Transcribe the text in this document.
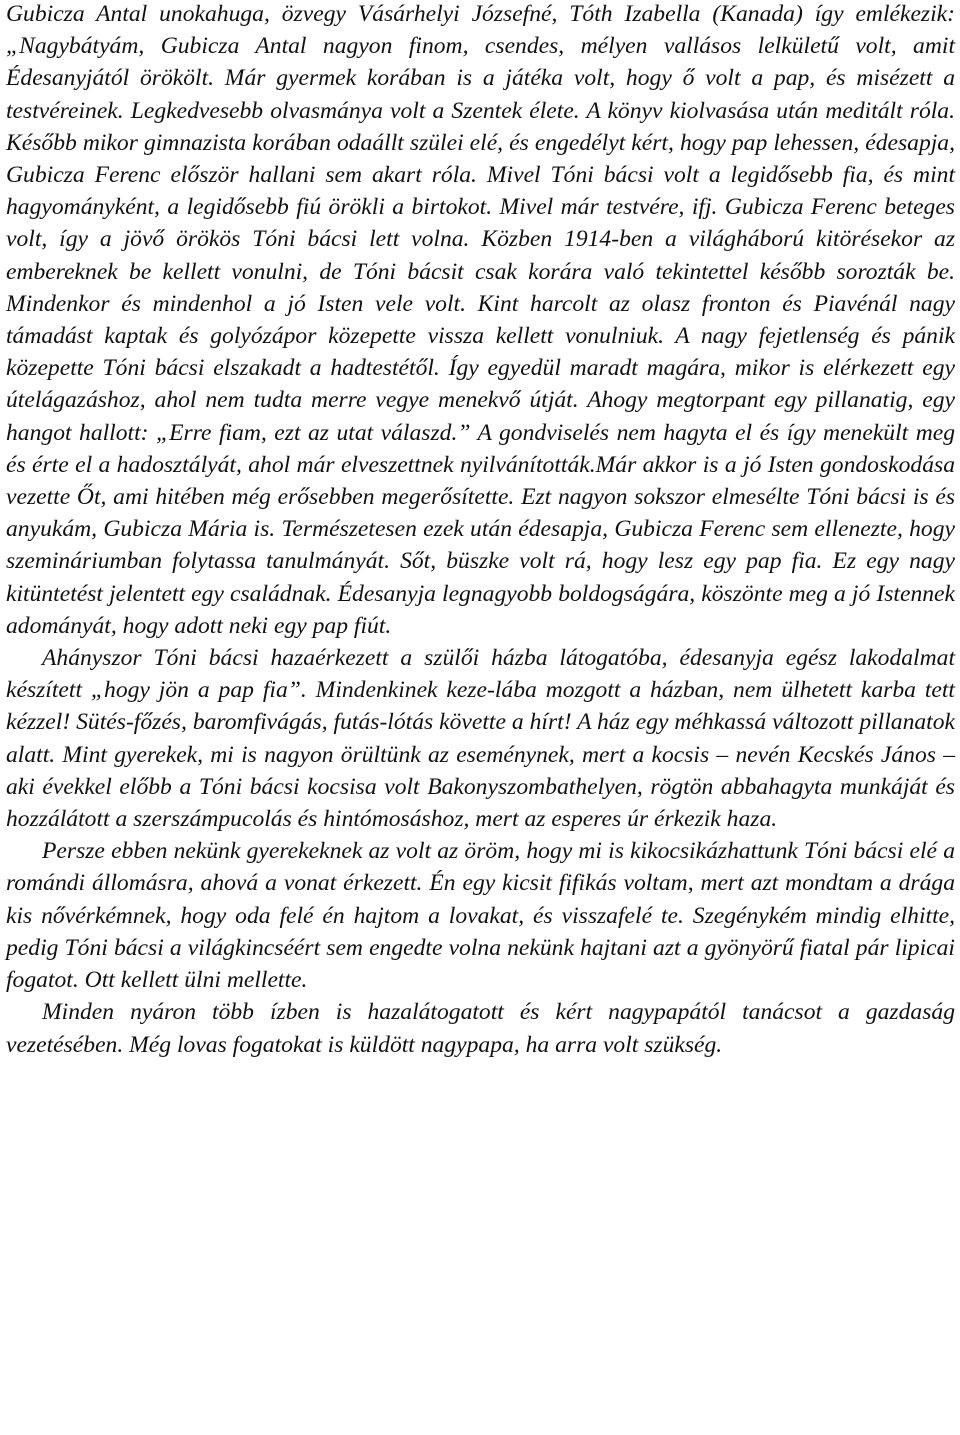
Gubicza Antal unokahuga, özvegy Vásárhelyi Józsefné, Tóth Izabella (Kanada) így emlékezik: „Nagybátyám, Gubicza Antal nagyon finom, csendes, mélyen vallásos lelkületű volt, amit Édesanyjától örökölt. Már gyermek korában is a játéka volt, hogy ő volt a pap, és misézett a testvéreinek. Legkedvesebb olvasmánya volt a Szentek élete. A könyv kiolvasása után meditált róla. Később mikor gimnazista korában odaállt szülei elé, és engedélyt kért, hogy pap lehessen, édesapja, Gubicza Ferenc először hallani sem akart róla. Mivel Tóni bácsi volt a legidősebb fia, és mint hagyományként, a legidősebb fiú örökli a birtokot. Mivel már testvére, ifj. Gubicza Ferenc beteges volt, így a jövő örökös Tóni bácsi lett volna. Közben 1914-ben a világháború kitörésekor az embereknek be kellett vonulni, de Tóni bácsit csak korára való tekintettel később sorozták be. Mindenkor és mindenhol a jó Isten vele volt. Kint harcolt az olasz fronton és Piavénál nagy támadást kaptak és golyózápor közepette vissza kellett vonulniuk. A nagy fejetlenség és pánik közepette Tóni bácsi elszakadt a hadtestétől. Így egyedül maradt magára, mikor is elérkezett egy útelágazáshoz, ahol nem tudta merre vegye menekvő útját. Ahogy megtorpant egy pillanatig, egy hangot hallott: „Erre fiam, ezt az utat válaszd.” A gondviselés nem hagyta el és így menekült meg és érte el a hadosztályát, ahol már elveszettnek nyilvánították.Már akkor is a jó Isten gondoskodása vezette Őt, ami hitében még erősebben megerősítette. Ezt nagyon sokszor elmesélte Tóni bácsi is és anyukám, Gubicza Mária is. Természetesen ezek után édesapja, Gubicza Ferenc sem ellenezte, hogy szemináriumban folytassa tanulmányát. Sőt, büszke volt rá, hogy lesz egy pap fia. Ez egy nagy kitüntetést jelentett egy családnak. Édesanyja legnagyobb boldogságára, köszönte meg a jó Istennek adományát, hogy adott neki egy pap fiút.

Ahányszor Tóni bácsi hazaérkezett a szülői házba látogatóba, édesanyja egész lakodalmat készített „hogy jön a pap fia”. Mindenkinek keze-lába mozgott a házban, nem ülhetett karba tett kézzel! Sütés-főzés, baromfivágás, futás-lótás követte a hírt! A ház egy méhkassá változott pillanatok alatt. Mint gyerekek, mi is nagyon örültünk az eseménynek, mert a kocsis – nevén Kecskés János – aki évekkel előbb a Tóni bácsi kocsisa volt Bakonyszombathelyen, rögtön abbahagyta munkáját és hozzálátott a szerszámpucolás és hintómosáshoz, mert az esperes úr érkezik haza.

Persze ebben nekünk gyerekeknek az volt az öröm, hogy mi is kikocsikázhattunk Tóni bácsi elé a romándi állomásra, ahová a vonat érkezett. Én egy kicsit fifikás voltam, mert azt mondtam a drága kis nővérkémnek, hogy oda felé én hajtom a lovakat, és visszafelé te. Szegénykém mindig elhitte, pedig Tóni bácsi a világkincséért sem engedte volna nekünk hajtani azt a gyönyörű fiatal pár lipicai fogatot. Ott kellett ülni mellette.

Minden nyáron több ízben is hazalátogatott és kért nagypapától tanácsot a gazdaság vezetésében. Még lovas fogatokat is küldött nagypapa, ha arra volt szükség.
